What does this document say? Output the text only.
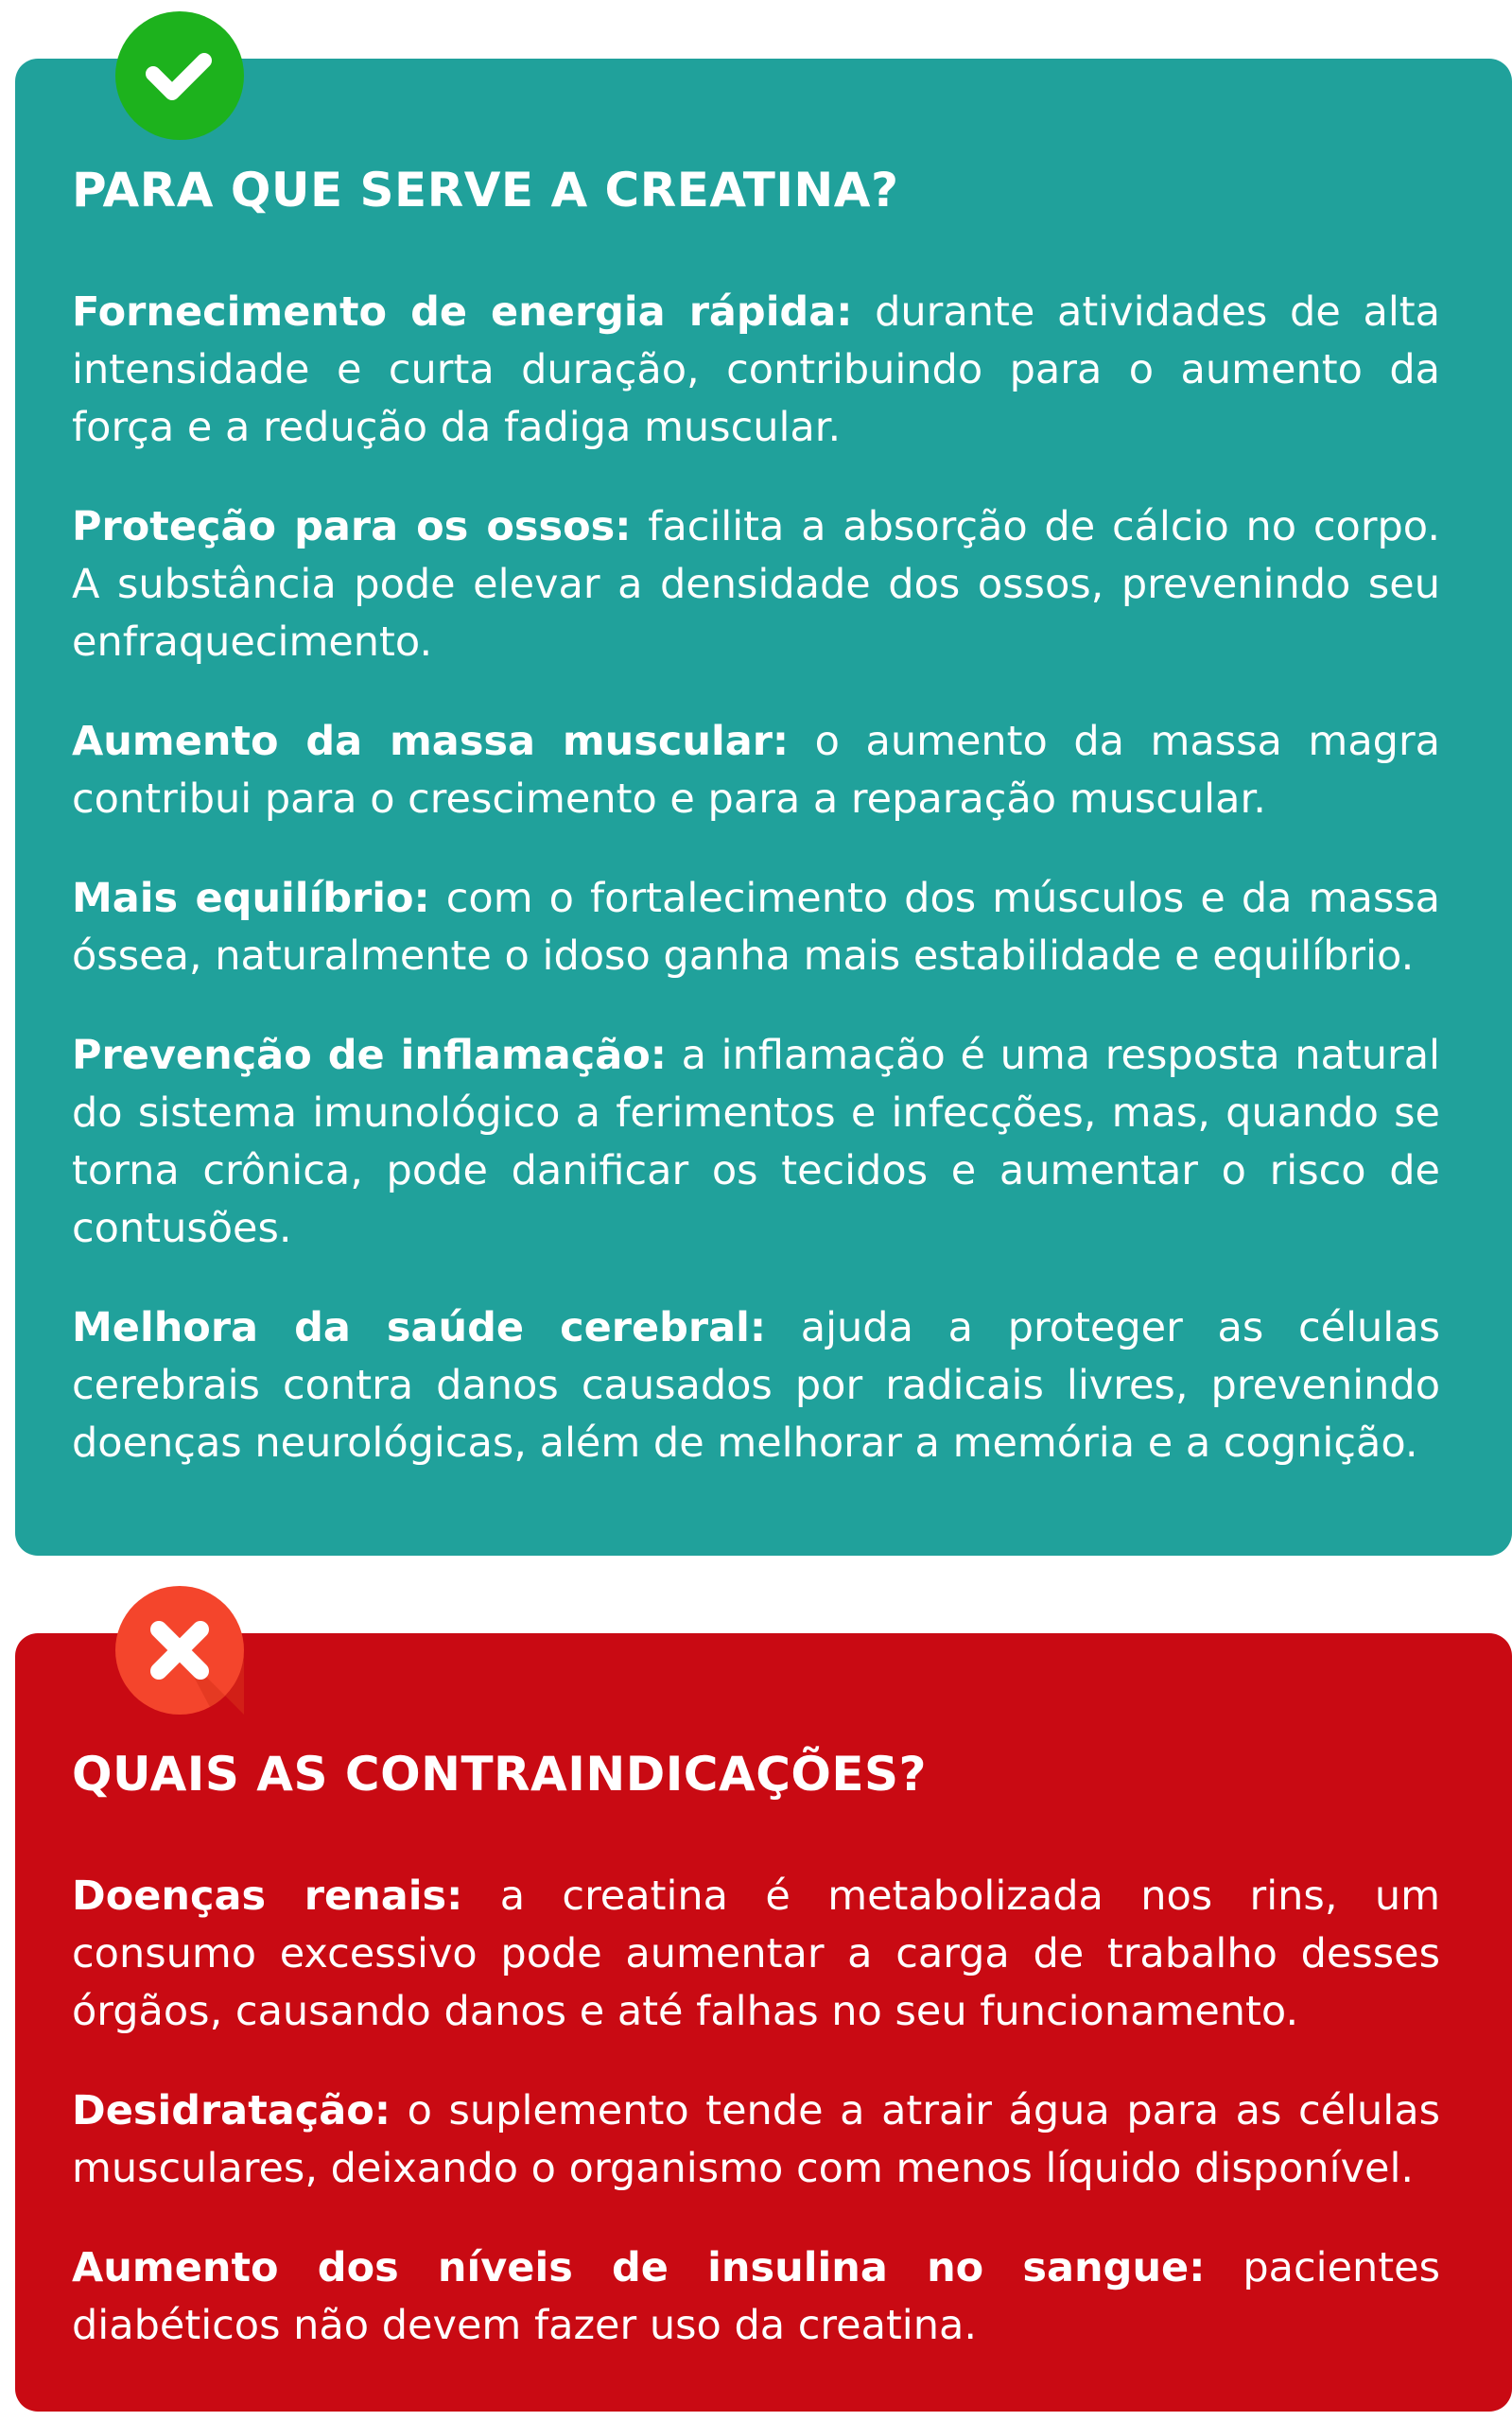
PARA QUE SERVE A CREATINA?

Fornecimento de energia rápida: durante atividades de alta intensidade e curta duração, contribuindo para o aumento da força e a redução da fadiga muscular.

Proteção para os ossos: facilita a absorção de cálcio no corpo. A substância pode elevar a densidade dos ossos, prevenindo seu enfraquecimento.

Aumento da massa muscular: o aumento da massa magra contribui para o crescimento e para a reparação muscular.

Mais equilíbrio: com o fortalecimento dos músculos e da massa óssea, naturalmente o idoso ganha mais estabilidade e equilíbrio.

Prevenção de inflamação: a inflamação é uma resposta natural do sistema imunológico a ferimentos e infecções, mas, quando se torna crônica, pode danificar os tecidos e aumentar o risco de contusões.

Melhora da saúde cerebral: ajuda a proteger as células cerebrais contra danos causados por radicais livres, prevenindo doenças neurológicas, além de melhorar a memória e a cognição.

QUAIS AS CONTRAINDICAÇÕES?

Doenças renais: a creatina é metabolizada nos rins, um consumo excessivo pode aumentar a carga de trabalho desses órgãos, causando danos e até falhas no seu funcionamento.

Desidratação: o suplemento tende a atrair água para as células musculares, deixando o organismo com menos líquido disponível.

Aumento dos níveis de insulina no sangue: pacientes diabéticos não devem fazer uso da creatina.
